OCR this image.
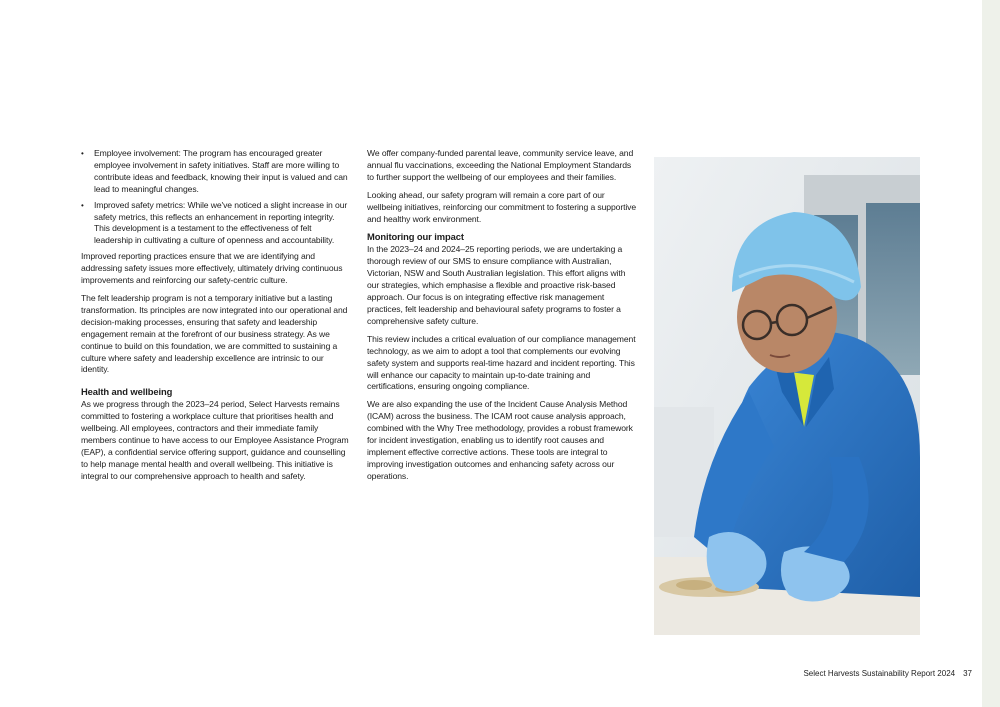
• Employee involvement: The program has encouraged greater employee involvement in safety initiatives. Staff are more willing to contribute ideas and feedback, knowing their input is valued and can lead to meaningful changes.
• Improved safety metrics: While we've noticed a slight increase in our safety metrics, this reflects an enhancement in reporting integrity. This development is a testament to the effectiveness of felt leadership in cultivating a culture of openness and accountability.

Improved reporting practices ensure that we are identifying and addressing safety issues more effectively, ultimately driving continuous improvements and reinforcing our safety-centric culture.

The felt leadership program is not a temporary initiative but a lasting transformation. Its principles are now integrated into our operational and decision-making processes, ensuring that safety and leadership engagement remain at the forefront of our business strategy. As we continue to build on this foundation, we are committed to sustaining a culture where safety and leadership excellence are intrinsic to our identity.

Health and wellbeing

As we progress through the 2023–24 period, Select Harvests remains committed to fostering a workplace culture that prioritises health and wellbeing. All employees, contractors and their immediate family members continue to have access to our Employee Assistance Program (EAP), a confidential service offering support, guidance and counselling to help manage mental health and overall wellbeing. This initiative is integral to our comprehensive approach to health and safety.

We offer company-funded parental leave, community service leave, and annual flu vaccinations, exceeding the National Employment Standards to further support the wellbeing of our employees and their families.

Looking ahead, our safety program will remain a core part of our wellbeing initiatives, reinforcing our commitment to fostering a supportive and healthy work environment.

Monitoring our impact

In the 2023–24 and 2024–25 reporting periods, we are undertaking a thorough review of our SMS to ensure compliance with Australian, Victorian, NSW and South Australian legislation. This effort aligns with our strategies, which emphasise a flexible and proactive risk-based approach. Our focus is on integrating effective risk management practices, felt leadership and behavioural safety programs to foster a comprehensive safety culture.

This review includes a critical evaluation of our compliance management technology, as we aim to adopt a tool that complements our evolving safety system and supports real-time hazard and incident reporting. This will enhance our capacity to maintain up-to-date training and certifications, ensuring ongoing compliance.

We are also expanding the use of the Incident Cause Analysis Method (ICAM) across the business. The ICAM root cause analysis approach, combined with the Why Tree methodology, provides a robust framework for incident investigation, enabling us to identify root causes and implement effective corrective actions. These tools are integral to improving investigation outcomes and enhancing safety across our operations.

Select Harvests Sustainability Report 2024 37
